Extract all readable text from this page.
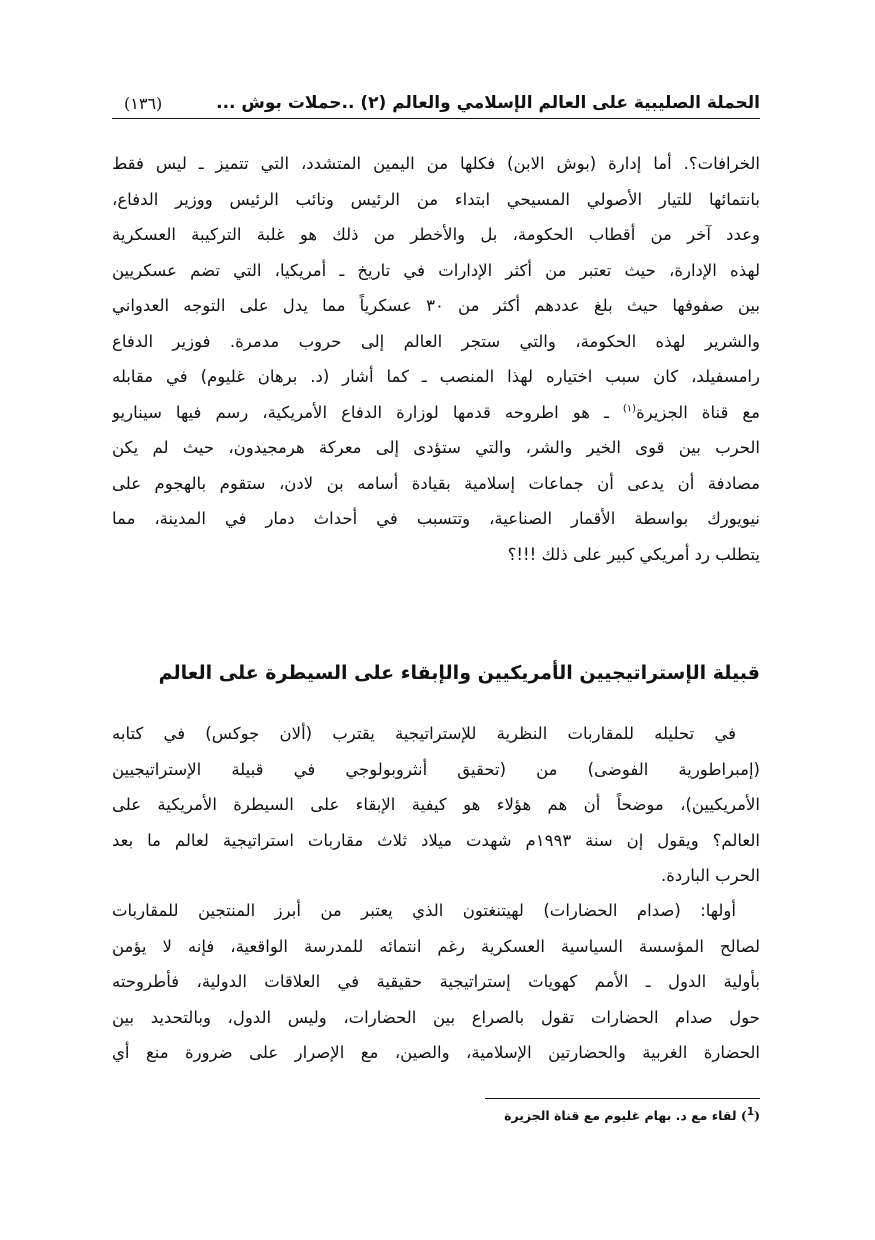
الحملة الصليبية على العالم الإسلامي والعالم (٢) ..حملات بوش ...
(١٣٦)
الخرافات؟. أما إدارة (بوش الابن) فكلها من اليمين المتشدد، التي تتميز ـ ليس فقط
بانتمائها للتيار الأصولي المسيحي ابتداء من الرئيس ونائب الرئيس ووزير الدفاع،
وعدد آخر من أقطاب الحكومة، بل والأخطر من ذلك هو غلبة التركيبة العسكرية
لهذه الإدارة، حيث تعتبر من أكثر الإدارات في تاريخ ـ أمريكيا، التي تضم عسكريين
بين صفوفها حيث بلغ عددهم أكثر من ٣٠ عسكرياً مما يدل على التوجه العدواني
والشرير لهذه الحكومة، والتي ستجر العالم إلى حروب مدمرة. فوزير الدفاع
رامسفيلد، كان سبب اختياره لهذا المنصب ـ كما أشار (د. برهان غليوم) في مقابله
مع قناة الجزيرة$^{(١)}$ ـ هو اطروحه قدمها لوزارة الدفاع الأمريكية، رسم فيها سيناريو
الحرب بين قوى الخير والشر، والتي ستؤدى إلى معركة هرمجيدون، حيث لم يكن
مصادفة أن يدعى أن جماعات إسلامية بقيادة أسامه بن لادن، ستقوم بالهجوم على
نيويورك بواسطة الأقمار الصناعية، وتتسبب في أحداث دمار في المدينة، مما
يتطلب رد أمريكي كبير على ذلك !!!؟
قبيلة الإستراتيجيين الأمريكيين والإبقاء على السيطرة على العالم
في تحليله للمقاربات النظرية للإستراتيجية يقترب (ألان جوكس) في كتابه
(إمبراطورية الفوضى) من (تحقيق أنثروبولوجي في قبيلة الإستراتيجيين
الأمريكيين)، موضحاً أن هم هؤلاء هو كيفية الإبقاء على السيطرة الأمريكية على
العالم؟ ويقول إن سنة ١٩٩٣م شهدت ميلاد ثلاث مقاربات استراتيجية لعالم ما بعد
الحرب الباردة.
أولها: (صدام الحضارات) لهيتنغتون الذي يعتبر من أبرز المنتجين للمقاربات
لصالح المؤسسة السياسية العسكرية رغم انتمائه للمدرسة الواقعية، فإنه لا يؤمن
بأولية الدول ـ الأمم كهويات إستراتيجية حقيقية في العلاقات الدولية، فأطروحته
حول صدام الحضارات تقول بالصراع بين الحضارات، وليس الدول، وبالتحديد بين
الحضارة الغربية والحضارتين الإسلامية، والصين، مع الإصرار على ضرورة منع أي
($^1$) لقاء مع د. بهام غليوم مع قناة الجزيرة
